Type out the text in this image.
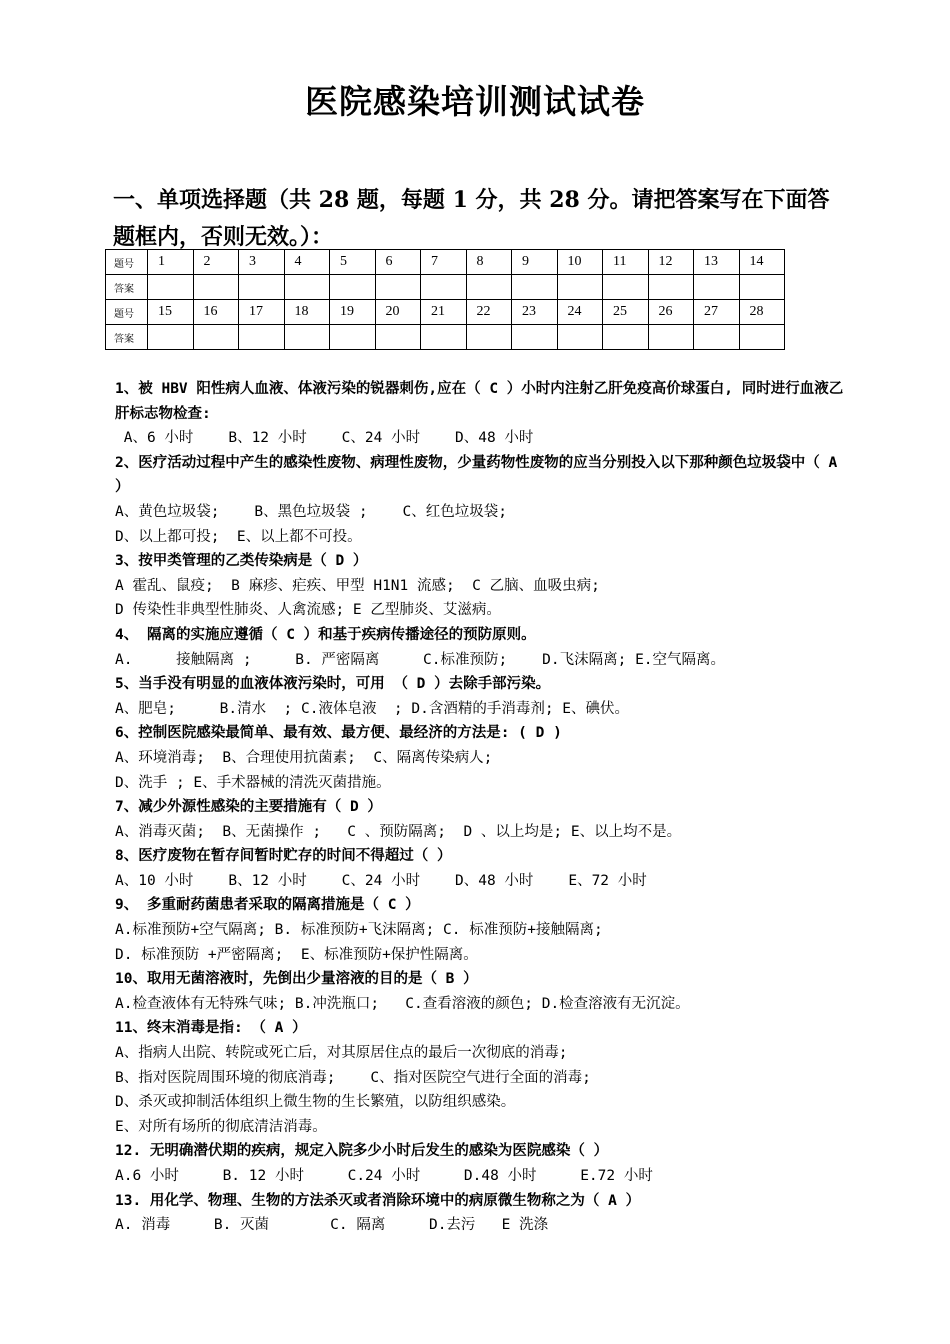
医院感染培训测试试卷
一、单项选择题（共 28 题，每题 1 分，共 28 分。请把答案写在下面答题框内，否则无效。）：
题号	1	2	3	4	5	6	7	8	9	10	11	12	13	14
答案														
题号	15	16	17	18	19	20	21	22	23	24	25	26	27	28
答案														
1、被 HBV 阳性病人血液、体液污染的锐器刺伤,应在（ C ）小时内注射乙肝免疫高价球蛋白, 同时进行血液乙肝标志物检查:
A、6 小时    B、12 小时    C、24 小时    D、48 小时
2、医疗活动过程中产生的感染性废物、病理性废物，少量药物性废物的应当分别投入以下那种颜色垃圾袋中（ A ）
A、黄色垃圾袋;    B、黑色垃圾袋 ;    C、红色垃圾袋;
D、以上都可投;  E、以上都不可投。
3、按甲类管理的乙类传染病是（ D ）
A 霍乱、鼠疫;  B 麻疹、疟疾、甲型 H1N1 流感;  C 乙脑、血吸虫病;
D 传染性非典型性肺炎、人禽流感; E 乙型肺炎、艾滋病。
4、 隔离的实施应遵循（ C ）和基于疾病传播途径的预防原则。
A.     接触隔离 ;     B. 严密隔离     C.标准预防;    D.飞沫隔离; E.空气隔离。
5、当手没有明显的血液体液污染时，可用 （ D ）去除手部污染。
A、肥皂;     B.清水  ; C.液体皂液  ; D.含酒精的手消毒剂; E、碘伏。
6、控制医院感染最简单、最有效、最方便、最经济的方法是: ( D )
A、环境消毒;  B、合理使用抗菌素;  C、隔离传染病人;
D、洗手 ; E、手术器械的清洗灭菌措施。
7、减少外源性感染的主要措施有（ D ）
A、消毒灭菌;  B、无菌操作 ;   C 、预防隔离;  D 、以上均是; E、以上均不是。
8、医疗废物在暂存间暂时贮存的时间不得超过（ ）
A、10 小时    B、12 小时    C、24 小时    D、48 小时    E、72 小时
9、 多重耐药菌患者采取的隔离措施是（ C ）
A.标准预防+空气隔离; B. 标准预防+飞沫隔离; C. 标准预防+接触隔离;
D. 标准预防 +严密隔离;  E、标准预防+保护性隔离。
10、取用无菌溶液时，先倒出少量溶液的目的是（ B ）
A.检查液体有无特殊气味; B.冲洗瓶口;   C.查看溶液的颜色; D.检查溶液有无沉淀。
11、终末消毒是指: （ A ）
A、指病人出院、转院或死亡后，对其原居住点的最后一次彻底的消毒;
B、指对医院周围环境的彻底消毒;    C、指对医院空气进行全面的消毒;
D、杀灭或抑制活体组织上微生物的生长繁殖，以防组织感染。
E、对所有场所的彻底清洁消毒。
12. 无明确潜伏期的疾病，规定入院多少小时后发生的感染为医院感染（ ）
A.6 小时     B. 12 小时     C.24 小时     D.48 小时     E.72 小时
13. 用化学、物理、生物的方法杀灭或者消除环境中的病原微生物称之为（ A ）
A. 消毒     B. 灭菌       C. 隔离     D.去污   E 洗涤
